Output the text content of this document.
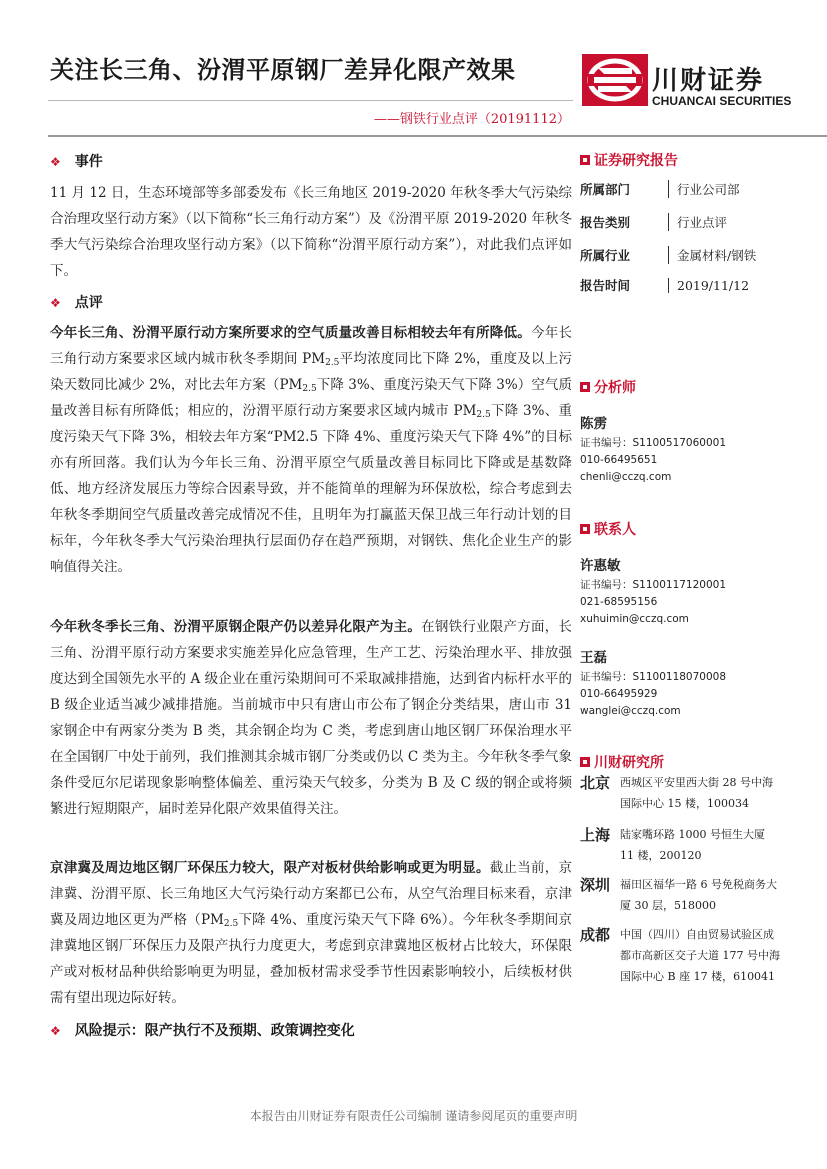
关注长三角、汾渭平原钢厂差异化限产效果
——钢铁行业点评（20191112）
川财证券
CHUANCAI SECURITIES
❖ 事件

11 月 12 日，生态环境部等多部委发布《长三角地区 2019-2020 年秋冬季大气污染综合治理攻坚行动方案》（以下简称“长三角行动方案”）及《汾渭平原 2019-2020 年秋冬季大气污染综合治理攻坚行动方案》（以下简称“汾渭平原行动方案”），对此我们点评如下。

❖ 点评

今年长三角、汾渭平原行动方案所要求的空气质量改善目标相较去年有所降低。今年长三角行动方案要求区域内城市秋冬季期间 $PM_{2.5}$平均浓度同比下降 2%，重度及以上污染天数同比减少 2%，对比去年方案（$PM_{2.5}$下降 3%、重度污染天气下降 3%）空气质量改善目标有所降低；相应的，汾渭平原行动方案要求区域内城市 $PM_{2.5}$下降 3%、重度污染天气下降 3%，相较去年方案“PM2.5 下降 4%、重度污染天气下降 4%”的目标亦有所回落。我们认为今年长三角、汾渭平原空气质量改善目标同比下降或是基数降低、地方经济发展压力等综合因素导致，并不能简单的理解为环保放松，综合考虑到去年秋冬季期间空气质量改善完成情况不佳，且明年为打赢蓝天保卫战三年行动计划的目标年，今年秋冬季大气污染治理执行层面仍存在趋严预期，对钢铁、焦化企业生产的影响值得关注。

今年秋冬季长三角、汾渭平原钢企限产仍以差异化限产为主。在钢铁行业限产方面，长三角、汾渭平原行动方案要求实施差异化应急管理，生产工艺、污染治理水平、排放强度达到全国领先水平的 A 级企业在重污染期间可不采取减排措施，达到省内标杆水平的 B 级企业适当减少减排措施。当前城市中只有唐山市公布了钢企分类结果，唐山市 31 家钢企中有两家分类为 B 类，其余钢企均为 C 类，考虑到唐山地区钢厂环保治理水平在全国钢厂中处于前列，我们推测其余城市钢厂分类或仍以 C 类为主。今年秋冬季气象条件受厄尔尼诺现象影响整体偏差、重污染天气较多，分类为 B 及 C 级的钢企或将频繁进行短期限产，届时差异化限产效果值得关注。

京津冀及周边地区钢厂环保压力较大，限产对板材供给影响或更为明显。截止当前，京津冀、汾渭平原、长三角地区大气污染行动方案都已公布，从空气治理目标来看，京津冀及周边地区更为严格（$PM_{2.5}$下降 4%、重度污染天气下降 6%）。今年秋冬季期间京津冀地区钢厂环保压力及限产执行力度更大，考虑到京津冀地区板材占比较大，环保限产或对板材品种供给影响更为明显，叠加板材需求受季节性因素影响较小，后续板材供需有望出现边际好转。

❖ 风险提示：限产执行不及预期、政策调控变化
证券研究报告
所属部门	行业公司部
报告类别	行业点评
所属行业	金属材料/钢铁
报告时间	2019/11/12
分析师
陈雳
证书编号：S1100517060001
010-66495651
chenli@cczq.com
联系人
许惠敏
证书编号：S1100117120001
021-68595156
xuhuimin@cczq.com
王磊
证书编号：S1100118070008
010-66495929
wanglei@cczq.com
川财研究所
北京 西城区平安里西大街 28 号中海国际中心 15 楼，100034
上海 陆家嘴环路 1000 号恒生大厦 11 楼，200120
深圳 福田区福华一路 6 号免税商务大厦 30 层，518000
成都 中国（四川）自由贸易试验区成都市高新区交子大道 177 号中海国际中心 B 座 17 楼，610041
本报告由川财证券有限责任公司编制 谨请参阅尾页的重要声明
